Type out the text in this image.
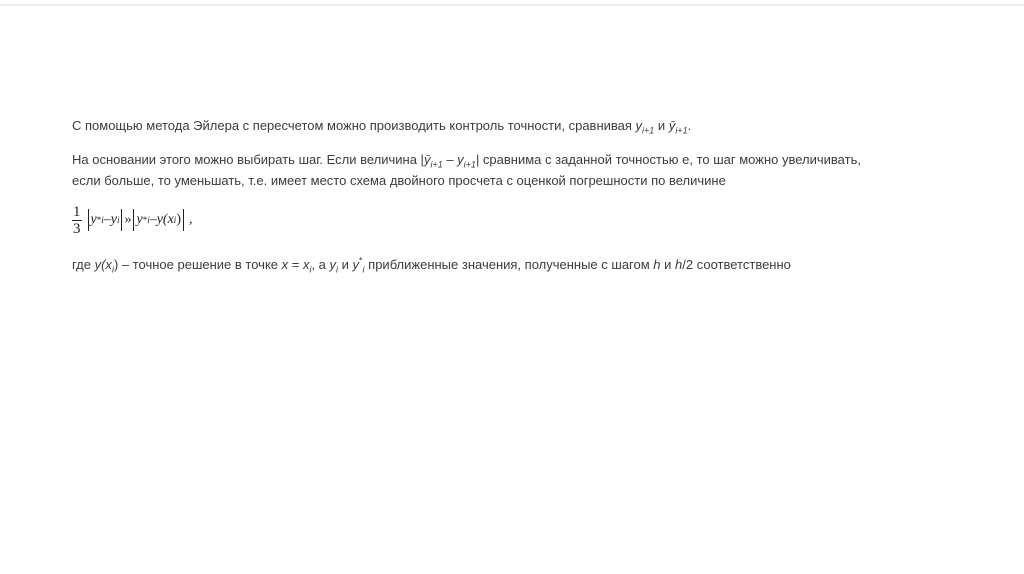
С помощью метода Эйлера с пересчетом можно производить контроль точности, сравнивая $y_{i+1}$ и $ȳ_{i+1}$.
На основании этого можно выбирать шаг. Если величина $|ȳ_{i+1} - y_{i+1}|$ сравнима с заданной точностью e, то шаг можно увеличивать,
если больше, то уменьшать, т.е. имеет место схема двойного просчета с оценкой погрешности по величине
$\frac{1}{3}$ y * i – y i » y * i – y(x i ) ,
где $y(x_i)$ – точное решение в точке $x = x_i$, а $y_i$ и $y^*_i$ приближенные значения, полученные с шагом h и h/2 соответственно
